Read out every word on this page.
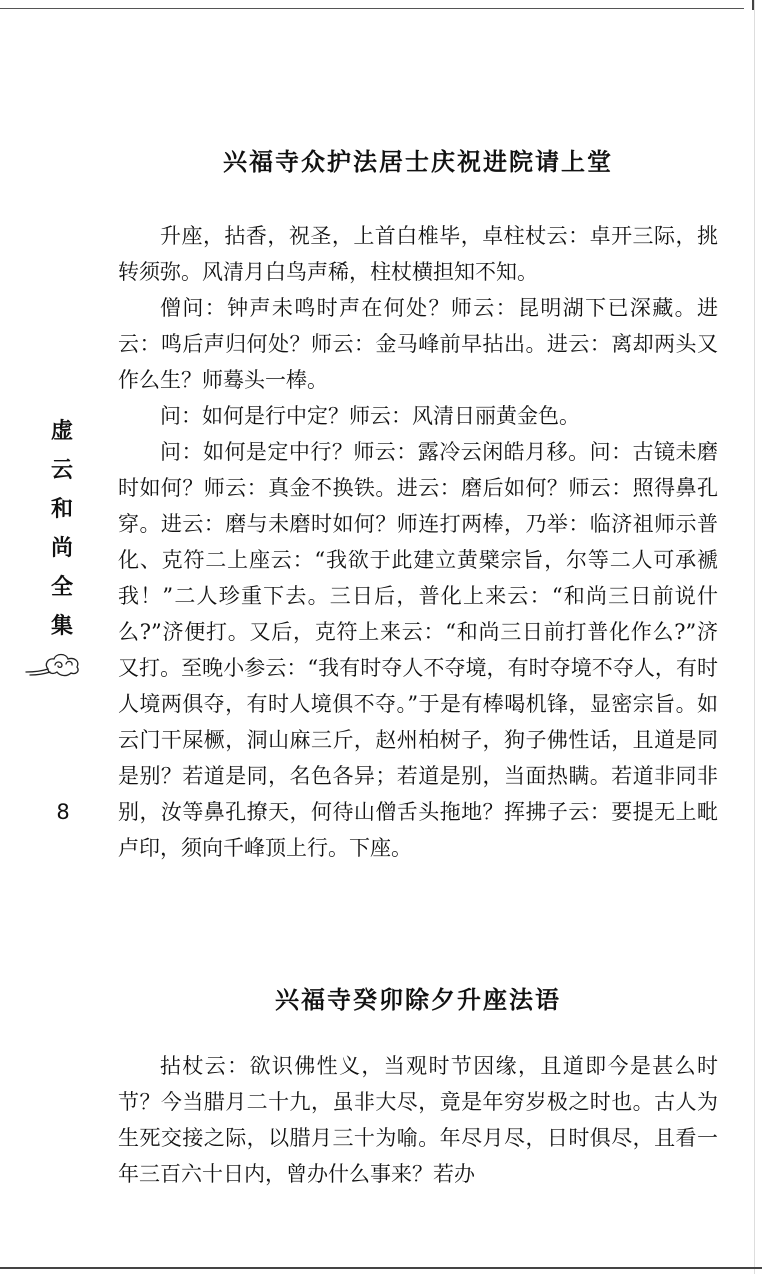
虚
云
和
尚
全
集
8
兴福寺众护法居士庆祝进院请上堂

升座，拈香，祝圣，上首白椎毕，卓柱杖云：卓开三际，挑转须弥。风清月白鸟声稀，柱杖横担知不知。

僧问：钟声未鸣时声在何处？师云：昆明湖下已深藏。进云：鸣后声归何处？师云：金马峰前早拈出。进云：离却两头又作么生？师蓦头一棒。

问：如何是行中定？师云：风清日丽黄金色。

问：如何是定中行？师云：露冷云闲皓月移。问：古镜未磨时如何？师云：真金不换铁。进云：磨后如何？师云：照得鼻孔穿。进云：磨与未磨时如何？师连打两棒，乃举：临济祖师示普化、克符二上座云：“我欲于此建立黄檗宗旨，尔等二人可承褫我！”二人珍重下去。三日后，普化上来云：“和尚三日前说什么?”济便打。又后，克符上来云：“和尚三日前打普化作么?”济又打。至晚小参云：“我有时夺人不夺境，有时夺境不夺人，有时人境两俱夺，有时人境俱不夺。”于是有棒喝机锋，显密宗旨。如云门干屎橛，洞山麻三斤，赵州柏树子，狗子佛性话，且道是同是别？若道是同，名色各异；若道是别，当面热瞒。若道非同非别，汝等鼻孔撩天，何待山僧舌头拖地？挥拂子云：要提无上毗卢印，须向千峰顶上行。下座。

兴福寺癸卯除夕升座法语

拈杖云：欲识佛性义，当观时节因缘，且道即今是甚么时节？今当腊月二十九，虽非大尽，竟是年穷岁极之时也。古人为生死交接之际，以腊月三十为喻。年尽月尽，日时俱尽，且看一年三百六十日内，曾办什么事来？若办
